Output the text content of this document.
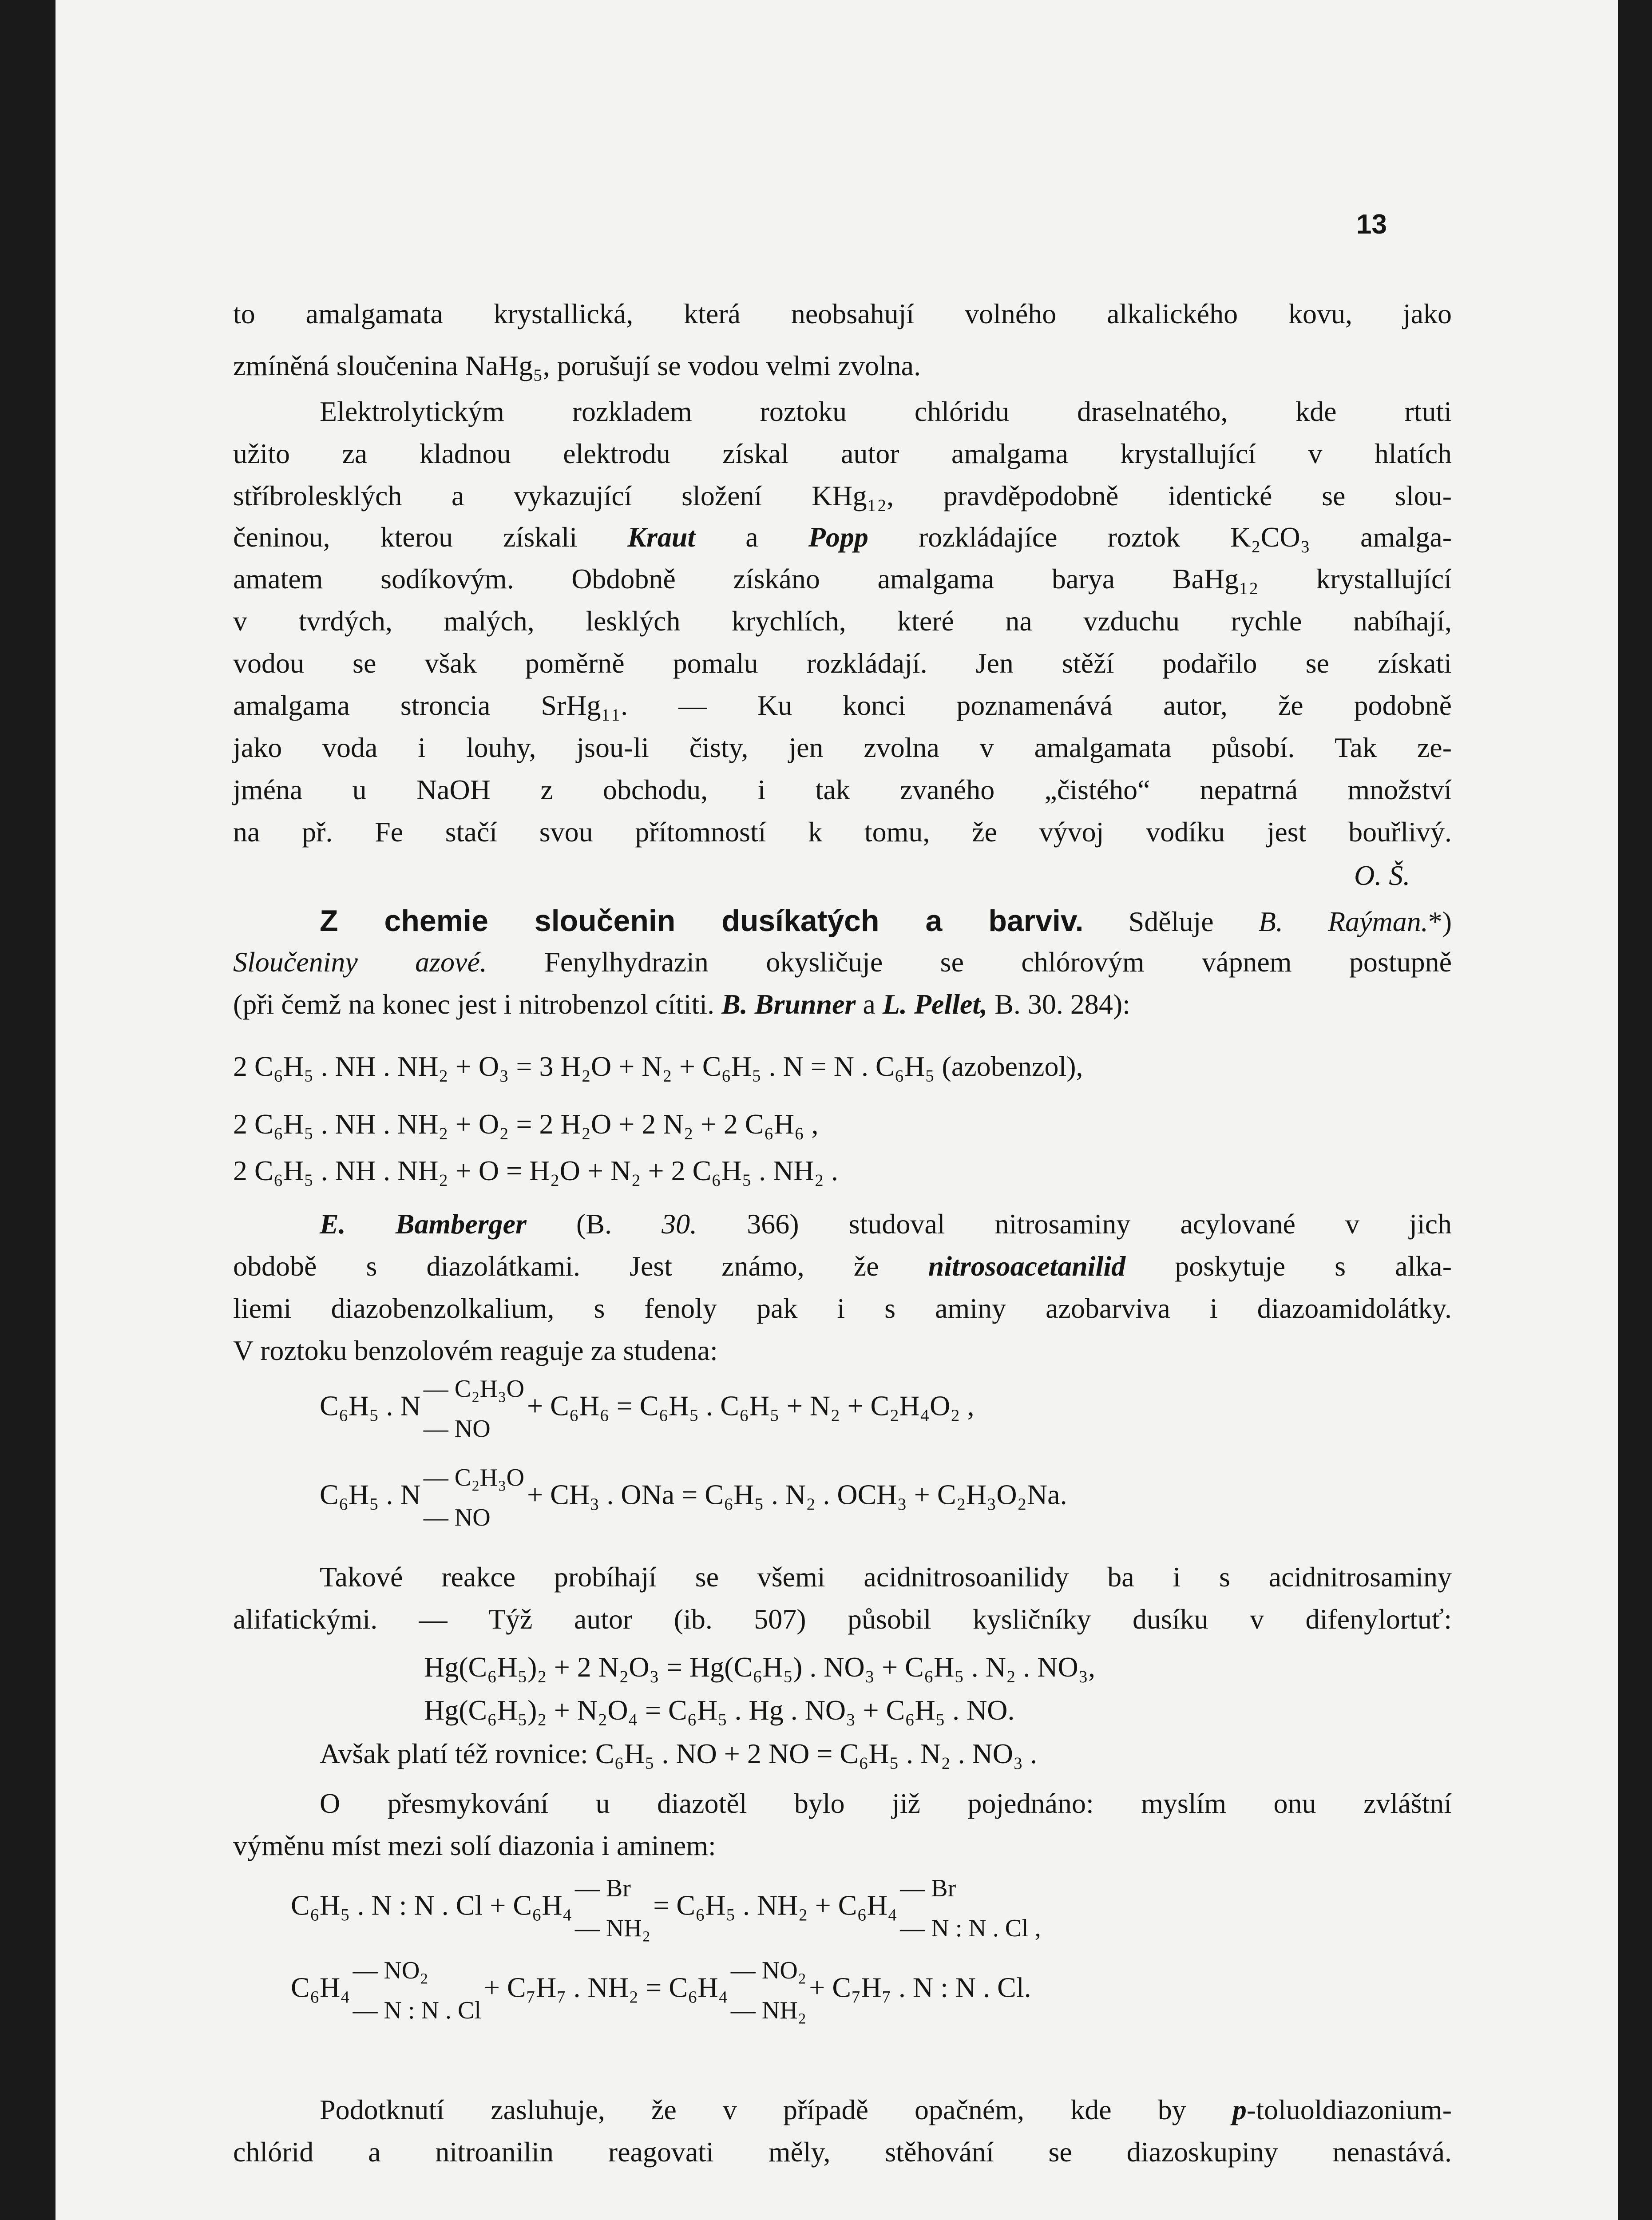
13
to amalgamata krystallická, která neobsahují volného alkalického kovu, jako
zmíněná sloučenina NaHg₅, porušují se vodou velmi zvolna.
Elektrolytickým rozkladem roztoku chlóridu draselnatého, kde rtuti
užito za kladnou elektrodu získal autor amalgama krystallující v hlatích
stříbrolesklých a vykazující složení KHg₁₂, pravděpodobně identické se slou-
čeninou, kterou získali Kraut a Popp rozkládajíce roztok K₂CO₃ amalga-
amatem sodíkovým. Obdobně získáno amalgama barya BaHg₁₂ krystallující
v tvrdých, malých, lesklých krychlích, které na vzduchu rychle nabíhají,
vodou se však poměrně pomalu rozkládají. Jen stěží podařilo se získati
amalgama stroncia SrHg₁₁. — Ku konci poznamenává autor, že podobně
jako voda i louhy, jsou-li čisty, jen zvolna v amalgamata působí. Tak ze-
jména u NaOH z obchodu, i tak zvaného „čistého“ nepatrná množství
na př. Fe stačí svou přítomností k tomu, že vývoj vodíku jest bouřlivý.
O. Š.
Z chemie sloučenin dusíkatých a barviv. Sděluje B. Raýman.*)
Sloučeniny azové. Fenylhydrazin okysličuje se chlórovým vápnem postupně
(při čemž na konec jest i nitrobenzol cítiti. B. Brunner a L. Pellet, B. 30. 284):
2 C₆H₅ . NH . NH₂ + O₃ = 3 H₂O + N₂ + C₆H₅ . N = N . C₆H₅ (azobenzol),
2 C₆H₅ . NH . NH₂ + O₂ = 2 H₂O + 2 N₂ + 2 C₆H₆ ,
2 C₆H₅ . NH . NH₂ + O = H₂O + N₂ + 2 C₆H₅ . NH₂ .
E. Bamberger (B. 30. 366) studoval nitrosaminy acylované v jich
obdobě s diazolátkami. Jest známo, že nitrosoacetanilid poskytuje s alka-
liemi diazobenzolkalium, s fenoly pak i s aminy azobarviva i diazoamidolátky.
V roztoku benzolovém reaguje za studena:
C₆H₅ . N
— C₂H₃O
— NO
+ C₆H₆ = C₆H₅ . C₆H₅ + N₂ + C₂H₄O₂ ,
C₆H₅ . N
— C₂H₃O
— NO
+ CH₃ . ONa = C₆H₅ . N₂ . OCH₃ + C₂H₃O₂Na.
Takové reakce probíhají se všemi acidnitrosoanilidy ba i s acidnitrosaminy
alifatickými. — Týž autor (ib. 507) působil kysličníky dusíku v difenylortuť:
Hg(C₆H₅)₂ + 2 N₂O₃ = Hg(C₆H₅) . NO₃ + C₆H₅ . N₂ . NO₃,
Hg(C₆H₅)₂ + N₂O₄ = C₆H₅ . Hg . NO₃ + C₆H₅ . NO.
Avšak platí též rovnice: C₆H₅ . NO + 2 NO = C₆H₅ . N₂ . NO₃ .
O přesmykování u diazotěl bylo již pojednáno: myslím onu zvláštní
výměnu míst mezi solí diazonia i aminem:
C₆H₅ . N : N . Cl + C₆H₄
— Br
— NH₂
= C₆H₅ . NH₂ + C₆H₄
— Br
— N : N . Cl ,
C₆H₄
— NO₂
— N : N . Cl
+ C₇H₇ . NH₂ = C₆H₄
— NO₂
— NH₂
+ C₇H₇ . N : N . Cl.
Podotknutí zasluhuje, že v případě opačném, kde by p-toluoldiazonium-
chlórid a nitroanilin reagovati měly, stěhování se diazoskupiny nenastává.
